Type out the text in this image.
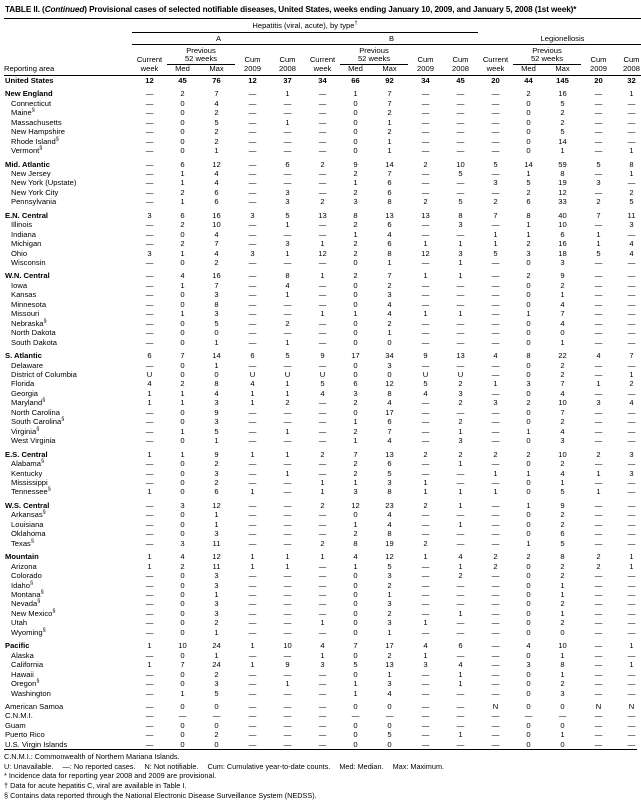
TABLE II. (Continued) Provisional cases of selected notifiable diseases, United States, weeks ending January 10, 2009, and January 5, 2008 (1st week)*

	Hepatitis (viral, acute), by type†	

	A					B					Legionellosis				

		Previous					Previous					Previous			
	Current	52 weeks		Cum	Cum	Current	52 weeks		Cum	Cum	Current	52 weeks		Cum	Cum
Reporting area	week	Med	Max	2009	2008	week	Med	Max	2009	2008	week	Med	Max	2009	2008
United States	12	45	76	12	37	34	66	92	34	45	20	44	145	20	32

New England	—	2	7	—	1	—	1	7	—	—	—	2	16	—	1
Connecticut	—	0	4	—	—	—	0	7	—	—	—	0	5	—	—
Maine§	—	0	2	—	—	—	0	2	—	—	—	0	2	—	—
Massachusetts	—	0	5	—	1	—	0	1	—	—	—	0	2	—	—
New Hampshire	—	0	2	—	—	—	0	2	—	—	—	0	5	—	—
Rhode Island§	—	0	2	—	—	—	0	1	—	—	—	0	14	—	—
Vermont§	—	0	1	—	—	—	0	1	—	—	—	0	1	—	1

Mid. Atlantic	—	6	12	—	6	2	9	14	2	10	5	14	59	5	8
New Jersey	—	1	4	—	—	—	2	7	—	5	—	1	8	—	1
New York (Upstate)	—	1	4	—	—	—	1	6	—	—	3	5	19	3	—
New York City	—	2	6	—	3	—	2	6	—	—	—	2	12	—	2
Pennsylvania	—	1	6	—	3	2	3	8	2	5	2	6	33	2	5

E.N. Central	3	6	16	3	5	13	8	13	13	8	7	8	40	7	11
Illinois	—	2	10	—	1	—	2	6	—	3	—	1	10	—	3
Indiana	—	0	4	—	—	—	1	4	—	—	1	1	6	1	—
Michigan	—	2	7	—	3	1	2	6	1	1	1	2	16	1	4
Ohio	3	1	4	3	1	12	2	8	12	3	5	3	18	5	4
Wisconsin	—	0	2	—	—	—	0	1	—	1	—	0	3	—	—

W.N. Central	—	4	16	—	8	1	2	7	1	1	—	2	9	—	—
Iowa	—	1	7	—	4	—	0	2	—	—	—	0	2	—	—
Kansas	—	0	3	—	1	—	0	3	—	—	—	0	1	—	—
Minnesota	—	0	8	—	—	—	0	4	—	—	—	0	4	—	—
Missouri	—	1	3	—	—	1	1	4	1	1	—	1	7	—	—
Nebraska§	—	0	5	—	2	—	0	2	—	—	—	0	4	—	—
North Dakota	—	0	0	—	—	—	0	1	—	—	—	0	0	—	—
South Dakota	—	0	1	—	1	—	0	0	—	—	—	0	1	—	—

S. Atlantic	6	7	14	6	5	9	17	34	9	13	4	8	22	4	7
Delaware	—	0	1	—	—	—	0	3	—	—	—	0	2	—	—
District of Columbia	U	0	0	U	U	U	0	0	U	U	—	0	2	—	1
Florida	4	2	8	4	1	5	6	12	5	2	1	3	7	1	2
Georgia	1	1	4	1	1	4	3	8	4	3	—	0	4	—	—
Maryland§	1	1	3	1	2	—	2	4	—	2	3	2	10	3	4
North Carolina	—	0	9	—	—	—	0	17	—	—	—	0	7	—	—
South Carolina§	—	0	3	—	—	—	1	6	—	2	—	0	2	—	—
Virginia§	—	1	5	—	1	—	2	7	—	1	—	1	4	—	—
West Virginia	—	0	1	—	—	—	1	4	—	3	—	0	3	—	—

E.S. Central	1	1	9	1	1	2	7	13	2	2	2	2	10	2	3
Alabama§	—	0	2	—	—	—	2	6	—	1	—	0	2	—	—
Kentucky	—	0	3	—	1	—	2	5	—	—	1	1	4	1	3
Mississippi	—	0	2	—	—	1	1	3	1	—	—	0	1	—	—
Tennessee§	1	0	6	1	—	1	3	8	1	1	1	0	5	1	—

W.S. Central	—	3	12	—	—	2	12	23	2	1	—	1	9	—	—
Arkansas§	—	0	1	—	—	—	0	4	—	—	—	0	2	—	—
Louisiana	—	0	1	—	—	—	1	4	—	1	—	0	2	—	—
Oklahoma	—	0	3	—	—	—	2	8	—	—	—	0	6	—	—
Texas§	—	3	11	—	—	2	8	19	2	—	—	1	5	—	—

Mountain	1	4	12	1	1	1	4	12	1	4	2	2	8	2	1
Arizona	1	2	11	1	1	—	1	5	—	1	2	0	2	2	1
Colorado	—	0	3	—	—	—	0	3	—	2	—	0	2	—	—
Idaho§	—	0	3	—	—	—	0	2	—	—	—	0	1	—	—
Montana§	—	0	1	—	—	—	0	1	—	—	—	0	1	—	—
Nevada§	—	0	3	—	—	—	0	3	—	—	—	0	2	—	—
New Mexico§	—	0	3	—	—	—	0	2	—	1	—	0	1	—	—
Utah	—	0	2	—	—	1	0	3	1	—	—	0	2	—	—
Wyoming§	—	0	1	—	—	—	0	1	—	—	—	0	0	—	—

Pacific	1	10	24	1	10	4	7	17	4	6	—	4	10	—	1
Alaska	—	0	1	—	—	1	0	2	1	—	—	0	1	—	—
California	1	7	24	1	9	3	5	13	3	4	—	3	8	—	1
Hawaii	—	0	2	—	—	—	0	1	—	1	—	0	1	—	—
Oregon§	—	0	3	—	1	—	1	3	—	1	—	0	2	—	—
Washington	—	1	5	—	—	—	1	4	—	—	—	0	3	—	—

American Samoa	—	0	0	—	—	—	0	0	—	—	N	0	0	N	N
C.N.M.I.	—	—	—	—	—	—	—	—	—	—	—	—	—	—	—
Guam	—	0	0	—	—	—	0	0	—	—	—	0	0	—	—
Puerto Rico	—	0	2	—	—	—	0	5	—	1	—	0	1	—	—
U.S. Virgin Islands	—	0	0	—	—	—	0	0	—	—	—	0	0	—	—
C.N.M.I.: Commonwealth of Northern Mariana Islands.
U: Unavailable. —: No reported cases. N: Not notifiable. Cum: Cumulative year-to-date counts. Med: Median. Max: Maximum.
* Incidence data for reporting year 2008 and 2009 are provisional.
† Data for acute hepatitis C, viral are available in Table I.
§ Contains data reported through the National Electronic Disease Surveillance System (NEDSS).
